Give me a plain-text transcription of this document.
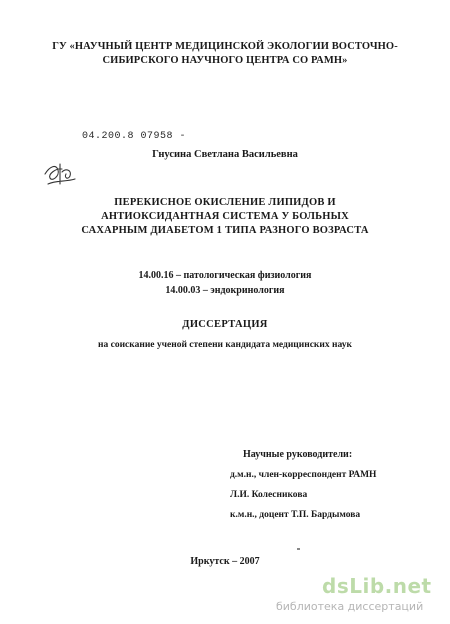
ГУ «НАУЧНЫЙ ЦЕНТР МЕДИЦИНСКОЙ ЭКОЛОГИИ ВОСТОЧНО-
СИБИРСКОГО НАУЧНОГО ЦЕНТРА СО РАМН»
04.200.8 07958 -
Гнусина Светлана Васильевна
ПЕРЕКИСНОЕ ОКИСЛЕНИЕ ЛИПИДОВ И
АНТИОКСИДАНТНАЯ СИСТЕМА У БОЛЬНЫХ
САХАРНЫМ ДИАБЕТОМ 1 ТИПА РАЗНОГО ВОЗРАСТА
14.00.16 – патологическая физиология
14.00.03 – эндокринология
ДИССЕРТАЦИЯ
на соискание ученой степени кандидата медицинских наук
Научные руководители:
д.м.н., член-корреспондент РАМН
Л.И. Колесникова
к.м.н., доцент Т.П. Бардымова
Иркутск – 2007
dsLib.net
библиотека диссертаций
